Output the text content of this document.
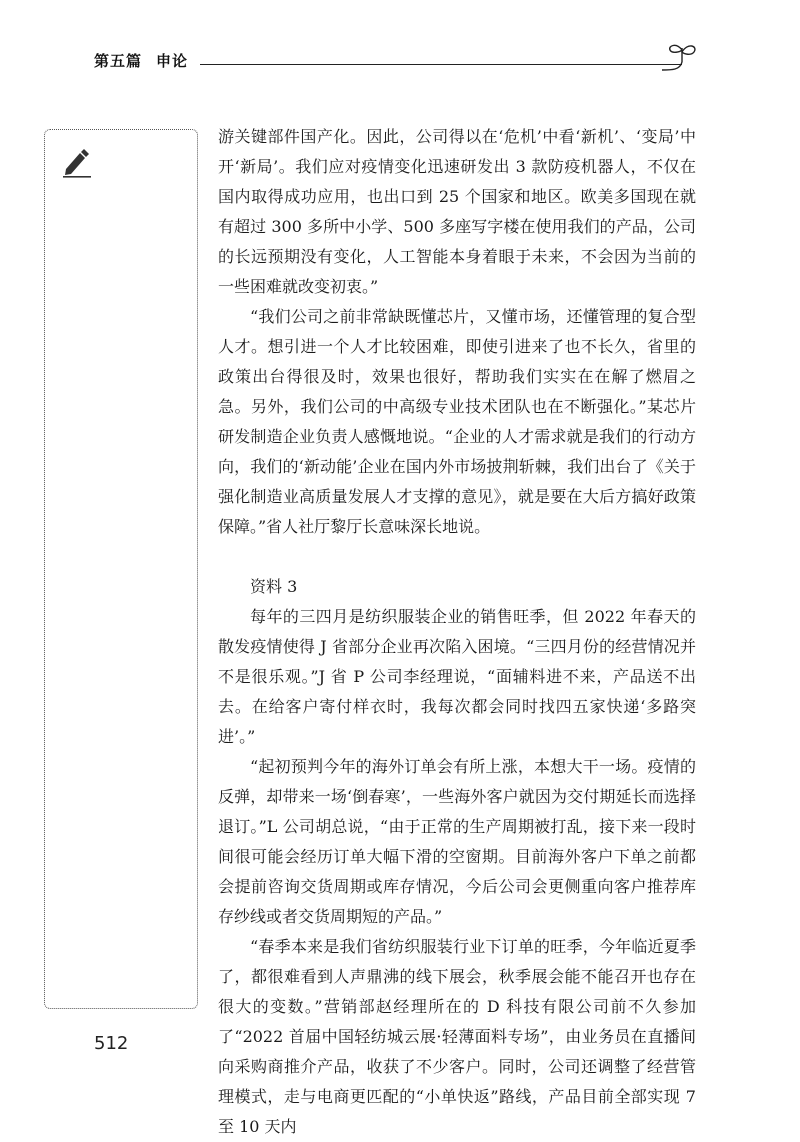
第五篇 申论

游关键部件国产化。因此，公司得以在‘危机’中看‘新机’、‘变局’中开‘新局’。我们应对疫情变化迅速研发出 3 款防疫机器人，不仅在国内取得成功应用，也出口到 25 个国家和地区。欧美多国现在就有超过 300 多所中小学、500 多座写字楼在使用我们的产品，公司的长远预期没有变化，人工智能本身着眼于未来，不会因为当前的一些困难就改变初衷。”

“我们公司之前非常缺既懂芯片，又懂市场，还懂管理的复合型人才。想引进一个人才比较困难，即使引进来了也不长久，省里的政策出台得很及时，效果也很好，帮助我们实实在在解了燃眉之急。另外，我们公司的中高级专业技术团队也在不断强化。”某芯片研发制造企业负责人感慨地说。“企业的人才需求就是我们的行动方向，我们的‘新动能’企业在国内外市场披荆斩棘，我们出台了《关于强化制造业高质量发展人才支撑的意见》，就是要在大后方搞好政策保障。”省人社厅黎厅长意味深长地说。

资料 3

每年的三四月是纺织服装企业的销售旺季，但 2022 年春天的散发疫情使得 J 省部分企业再次陷入困境。“三四月份的经营情况并不是很乐观。”J 省 P 公司李经理说，“面辅料进不来，产品送不出去。在给客户寄付样衣时，我每次都会同时找四五家快递‘多路突进’。”

“起初预判今年的海外订单会有所上涨，本想大干一场。疫情的反弹，却带来一场‘倒春寒’，一些海外客户就因为交付期延长而选择退订。”L 公司胡总说，“由于正常的生产周期被打乱，接下来一段时间很可能会经历订单大幅下滑的空窗期。目前海外客户下单之前都会提前咨询交货周期或库存情况，今后公司会更侧重向客户推荐库存纱线或者交货周期短的产品。”

“春季本来是我们省纺织服装行业下订单的旺季，今年临近夏季了，都很难看到人声鼎沸的线下展会，秋季展会能不能召开也存在很大的变数。”营销部赵经理所在的 D 科技有限公司前不久参加了“2022 首届中国轻纺城云展·轻薄面料专场”，由业务员在直播间向采购商推介产品，收获了不少客户。同时，公司还调整了经营管理模式，走与电商更匹配的“小单快返”路线，产品目前全部实现 7 至 10 天内

512
